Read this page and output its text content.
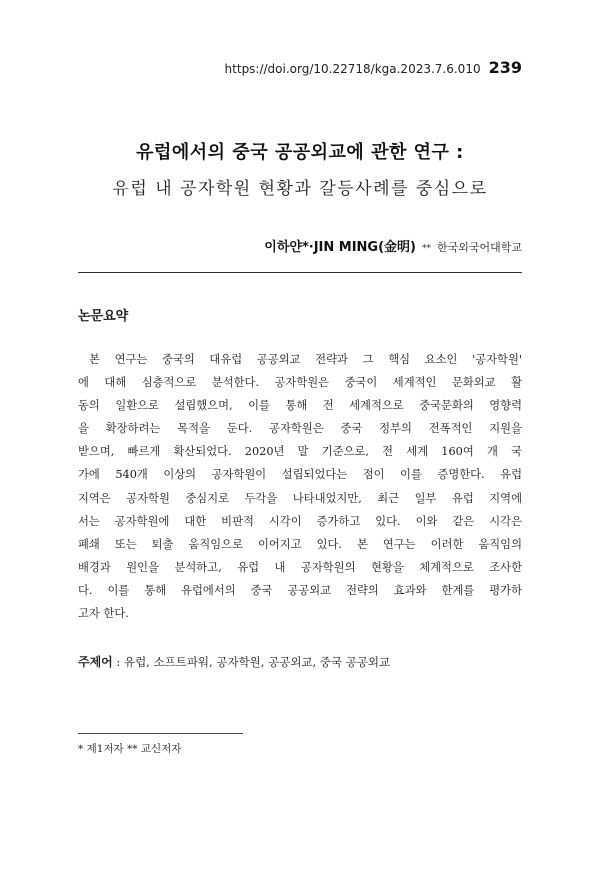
https://doi.org/10.22718/kga.2023.7.6.010 239
유럽에서의 중국 공공외교에 관한 연구 :
유럽 내 공자학원 현황과 갈등사례를 중심으로
이하얀*·JIN MING(金明) ** 한국외국어대학교
논문요약
본 연구는 중국의 대유럽 공공외교 전략과 그 핵심 요소인 '공자학원'
에 대해 심층적으로 분석한다. 공자학원은 중국이 세계적인 문화외교 활
동의 일환으로 설립했으며, 이를 통해 전 세계적으로 중국문화의 영향력
을 확장하려는 목적을 둔다. 공자학원은 중국 정부의 전폭적인 지원을
받으며, 빠르게 확산되었다. 2020년 말 기준으로, 전 세계 160여 개 국
가에 540개 이상의 공자학원이 설립되었다는 점이 이를 증명한다. 유럽
지역은 공자학원 중심지로 두각을 나타내었지만, 최근 일부 유럽 지역에
서는 공자학원에 대한 비판적 시각이 증가하고 있다. 이와 같은 시각은
폐쇄 또는 퇴출 움직임으로 이어지고 있다. 본 연구는 이러한 움직임의
배경과 원인을 분석하고, 유럽 내 공자학원의 현황을 체계적으로 조사한
다. 이를 통해 유럽에서의 중국 공공외교 전략의 효과와 한계를 평가하
고자 한다.
주제어 : 유럽, 소프트파워, 공자학원, 공공외교, 중국 공공외교
* 제1저자 ** 교신저자
